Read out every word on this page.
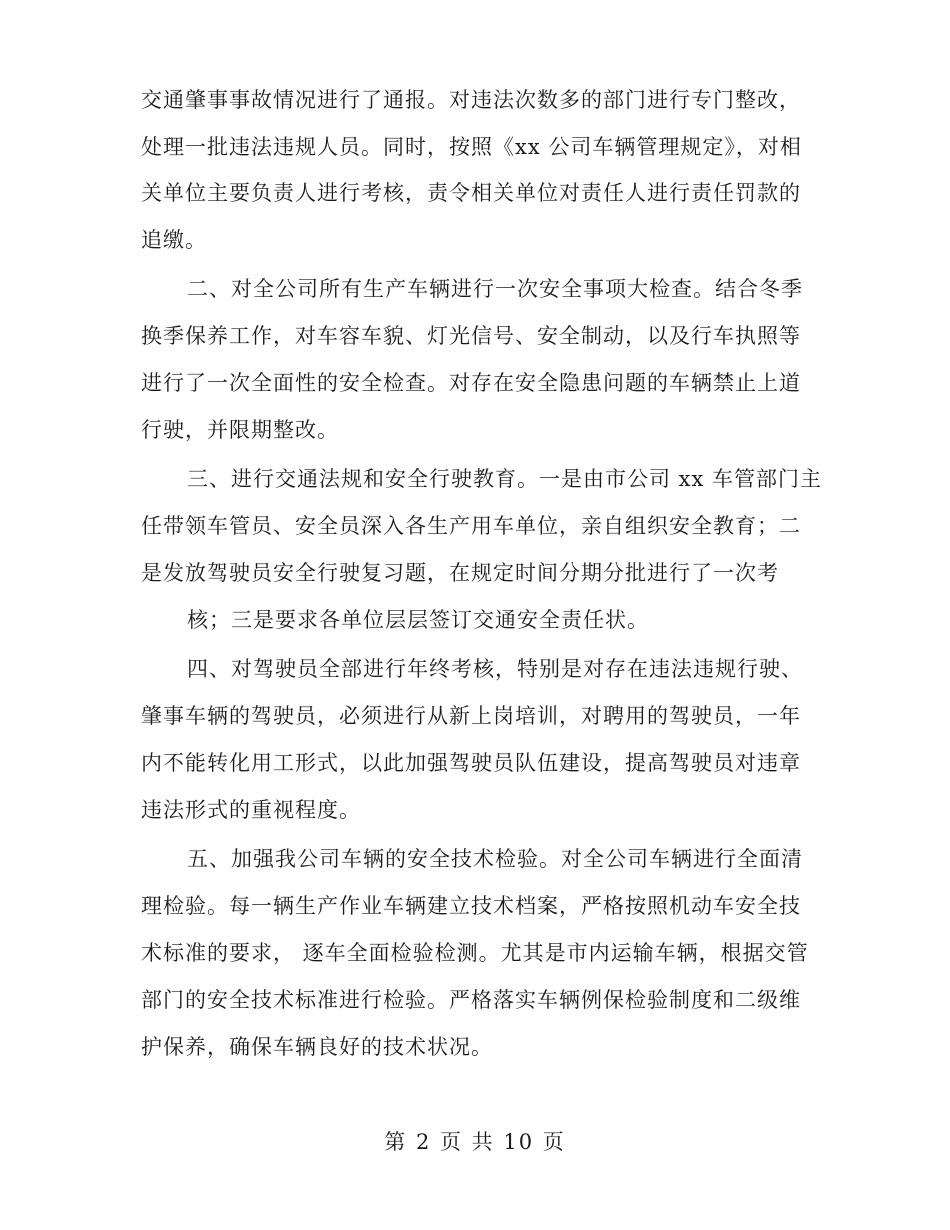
交通肇事事故情况进行了通报。对违法次数多的部门进行专门整改，
处理一批违法违规人员。同时，按照《xx 公司车辆管理规定》，对相
关单位主要负责人进行考核，责令相关单位对责任人进行责任罚款的
追缴。
二、对全公司所有生产车辆进行一次安全事项大检查。结合冬季
换季保养工作，对车容车貌、灯光信号、安全制动，以及行车执照等
进行了一次全面性的安全检查。对存在安全隐患问题的车辆禁止上道
行驶，并限期整改。
三、进行交通法规和安全行驶教育。一是由市公司 xx 车管部门主
任带领车管员、安全员深入各生产用车单位，亲自组织安全教育；二
是发放驾驶员安全行驶复习题，在规定时间分期分批进行了一次考
核；三是要求各单位层层签订交通安全责任状。
四、对驾驶员全部进行年终考核，特别是对存在违法违规行驶、
肇事车辆的驾驶员，必须进行从新上岗培训，对聘用的驾驶员，一年
内不能转化用工形式，以此加强驾驶员队伍建设，提高驾驶员对违章
违法形式的重视程度。
五、加强我公司车辆的安全技术检验。对全公司车辆进行全面清
理检验。每一辆生产作业车辆建立技术档案，严格按照机动车安全技
术标准的要求， 逐车全面检验检测。尤其是市内运输车辆，根据交管
部门的安全技术标准进行检验。严格落实车辆例保检验制度和二级维
护保养，确保车辆良好的技术状况。
第 2 页 共 10 页
